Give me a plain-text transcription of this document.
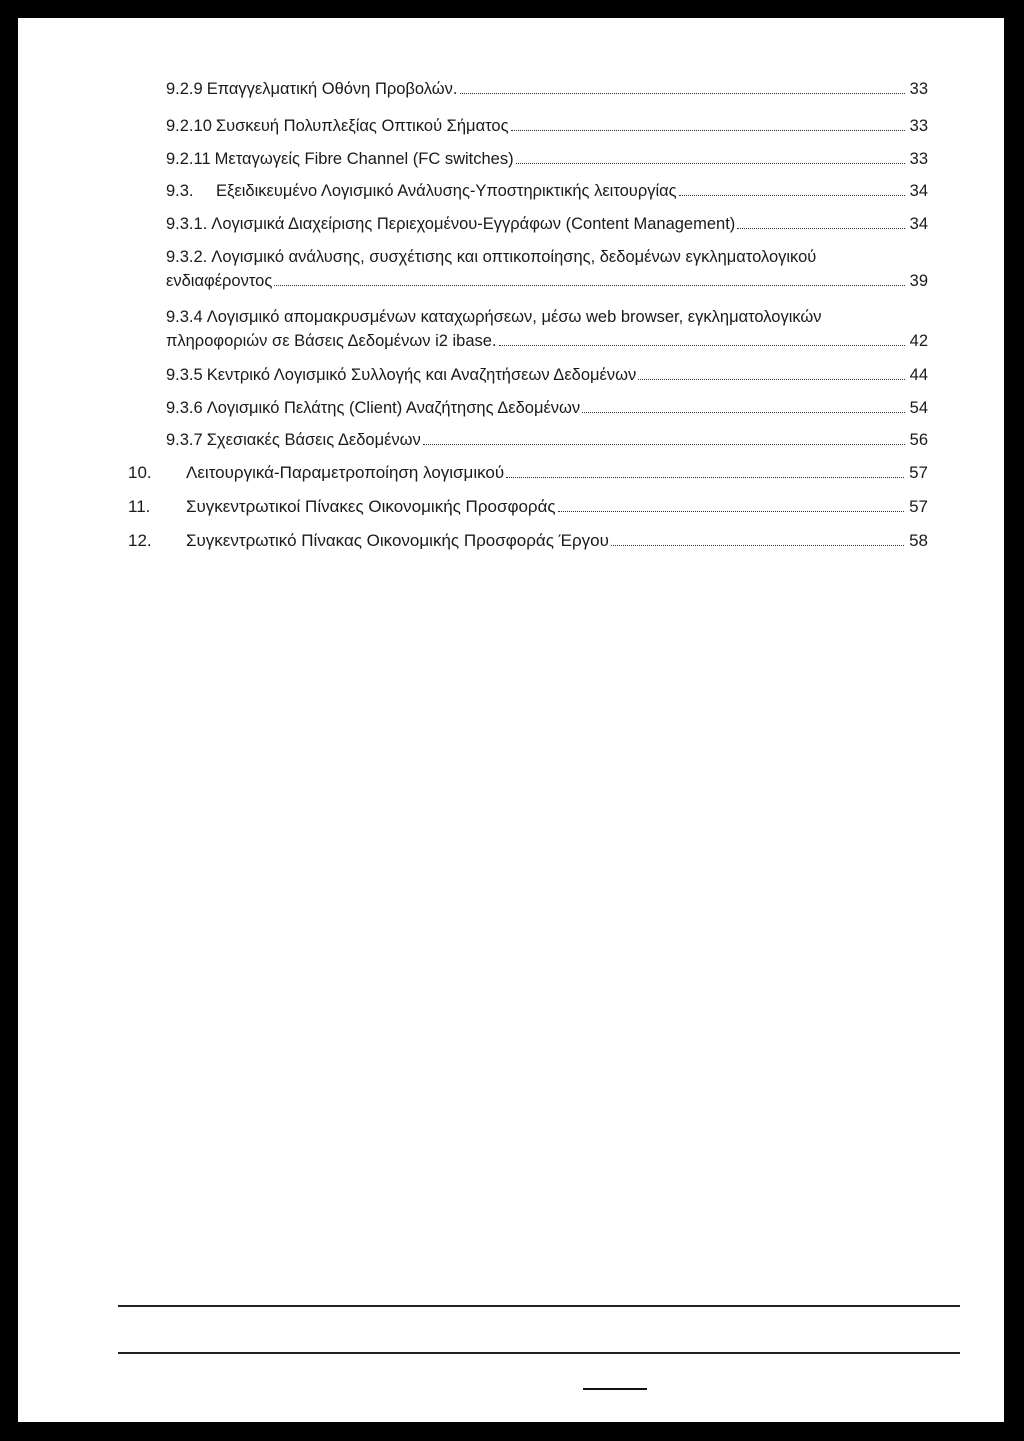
9.2.9 Επαγγελματική Οθόνη Προβολών.	33
9.2.10 Συσκευή Πολυπλεξίας Οπτικού Σήματος	33
9.2.11 Μεταγωγείς Fibre Channel (FC switches)	33
9.3.	Εξειδικευμένο Λογισμικό Ανάλυσης-Υποστηρικτικής λειτουργίας	34
9.3.1. Λογισμικά Διαχείρισης Περιεχομένου-Εγγράφων (Content Management)	34
9.3.2. Λογισμικό ανάλυσης, συσχέτισης και οπτικοποίησης, δεδομένων εγκληματολογικού
ενδιαφέροντος	39
9.3.4 Λογισμικό απομακρυσμένων καταχωρήσεων, μέσω web browser, εγκληματολογικών
πληροφοριών σε Βάσεις Δεδομένων i2 ibase.	42
9.3.5 Κεντρικό Λογισμικό Συλλογής και Αναζητήσεων Δεδομένων	44
9.3.6 Λογισμικό Πελάτης (Client) Αναζήτησης Δεδομένων	54
9.3.7 Σχεσιακές Βάσεις Δεδομένων	56
10.	Λειτουργικά-Παραμετροποίηση λογισμικού	57
11.	Συγκεντρωτικοί Πίνακες Οικονομικής Προσφοράς	57
12.	Συγκεντρωτικό Πίνακας Οικονομικής Προσφοράς Έργου	58
